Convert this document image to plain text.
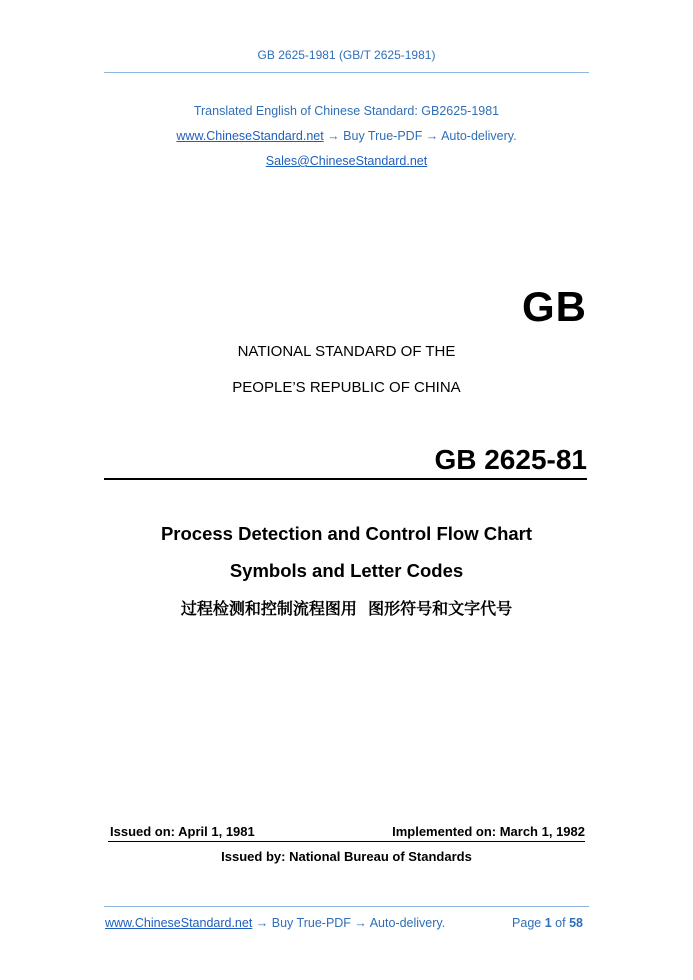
GB 2625-1981 (GB/T 2625-1981)
Translated English of Chinese Standard: GB2625-1981
www.ChineseStandard.net → Buy True-PDF → Auto-delivery.
Sales@ChineseStandard.net
GB
NATIONAL STANDARD OF THE
PEOPLE’S REPUBLIC OF CHINA
GB 2625-81
Process Detection and Control Flow Chart
Symbols and Letter Codes
过程检测和控制流程图用  图形符号和文字代号
Issued on: April 1, 1981	Implemented on: March 1, 1982
Issued by: National Bureau of Standards
www.ChineseStandard.net → Buy True-PDF → Auto-delivery.	Page 1 of 58
